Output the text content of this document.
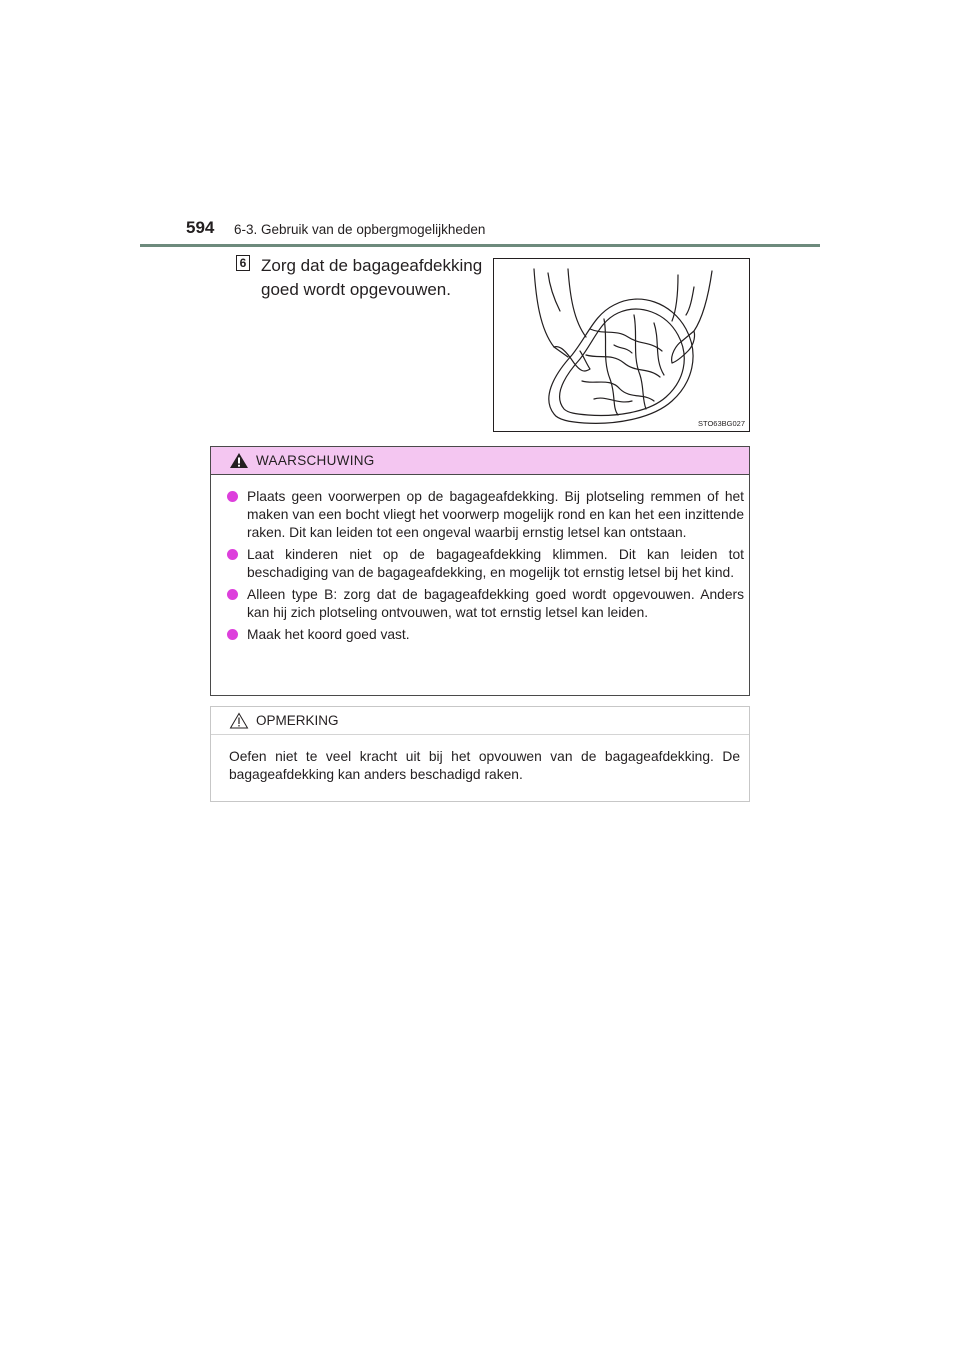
594 6-3. Gebruik van de opbergmogelijkheden
6 Zorg dat de bagageafdekking goed wordt opgevouwen.
STO63BG027
WAARSCHUWING
Plaats geen voorwerpen op de bagageafdekking. Bij plotseling remmen of het maken van een bocht vliegt het voorwerp mogelijk rond en kan het een inzittende raken. Dit kan leiden tot een ongeval waarbij ernstig letsel kan ontstaan.
Laat kinderen niet op de bagageafdekking klimmen. Dit kan leiden tot beschadiging van de bagageafdekking, en mogelijk tot ernstig letsel bij het kind.
Alleen type B: zorg dat de bagageafdekking goed wordt opgevouwen. Anders kan hij zich plotseling ontvouwen, wat tot ernstig letsel kan leiden.
Maak het koord goed vast.
OPMERKING
Oefen niet te veel kracht uit bij het opvouwen van de bagageafdekking. De bagageafdekking kan anders beschadigd raken.
